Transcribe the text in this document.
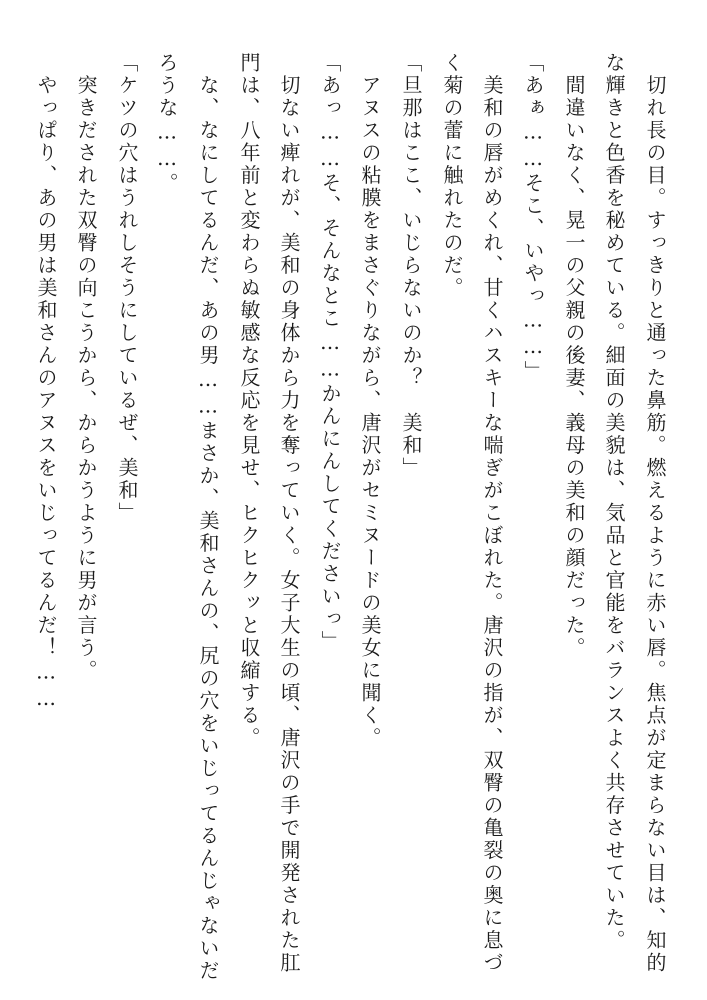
　切れ長の目。すっきりと通った鼻筋。燃えるように赤い唇。焦点が定まらない目は、知的
な輝きと色香を秘めている。細面の美貌は、気品と官能をバランスよく共存させていた。
　間違いなく、晃一の父親の後妻、義母の美和の顔だった。
「あぁ……そこ、いやっ……」
　美和の唇がめくれ、甘くハスキーな喘ぎがこぼれた。唐沢の指が、双臀の亀裂の奥に息づ
く菊の蕾に触れたのだ。
「旦那はここ、いじらないのか？　美和」
　アヌスの粘膜をまさぐりながら、唐沢がセミヌードの美女に聞く。
「あっ……そ、そんなとこ……かんにんしてくださいっ」
　切ない痺れが、美和の身体から力を奪っていく。女子大生の頃、唐沢の手で開発された肛
門は、八年前と変わらぬ敏感な反応を見せ、ヒクヒクッと収縮する。
　な、なにしてるんだ、あの男……まさか、美和さんの、尻の穴をいじってるんじゃないだ
ろうな……。
「ケツの穴はうれしそうにしているぜ、美和」
　突きだされた双臀の向こうから、からかうように男が言う。
　やっぱり、あの男は美和さんのアヌスをいじってるんだ！……
